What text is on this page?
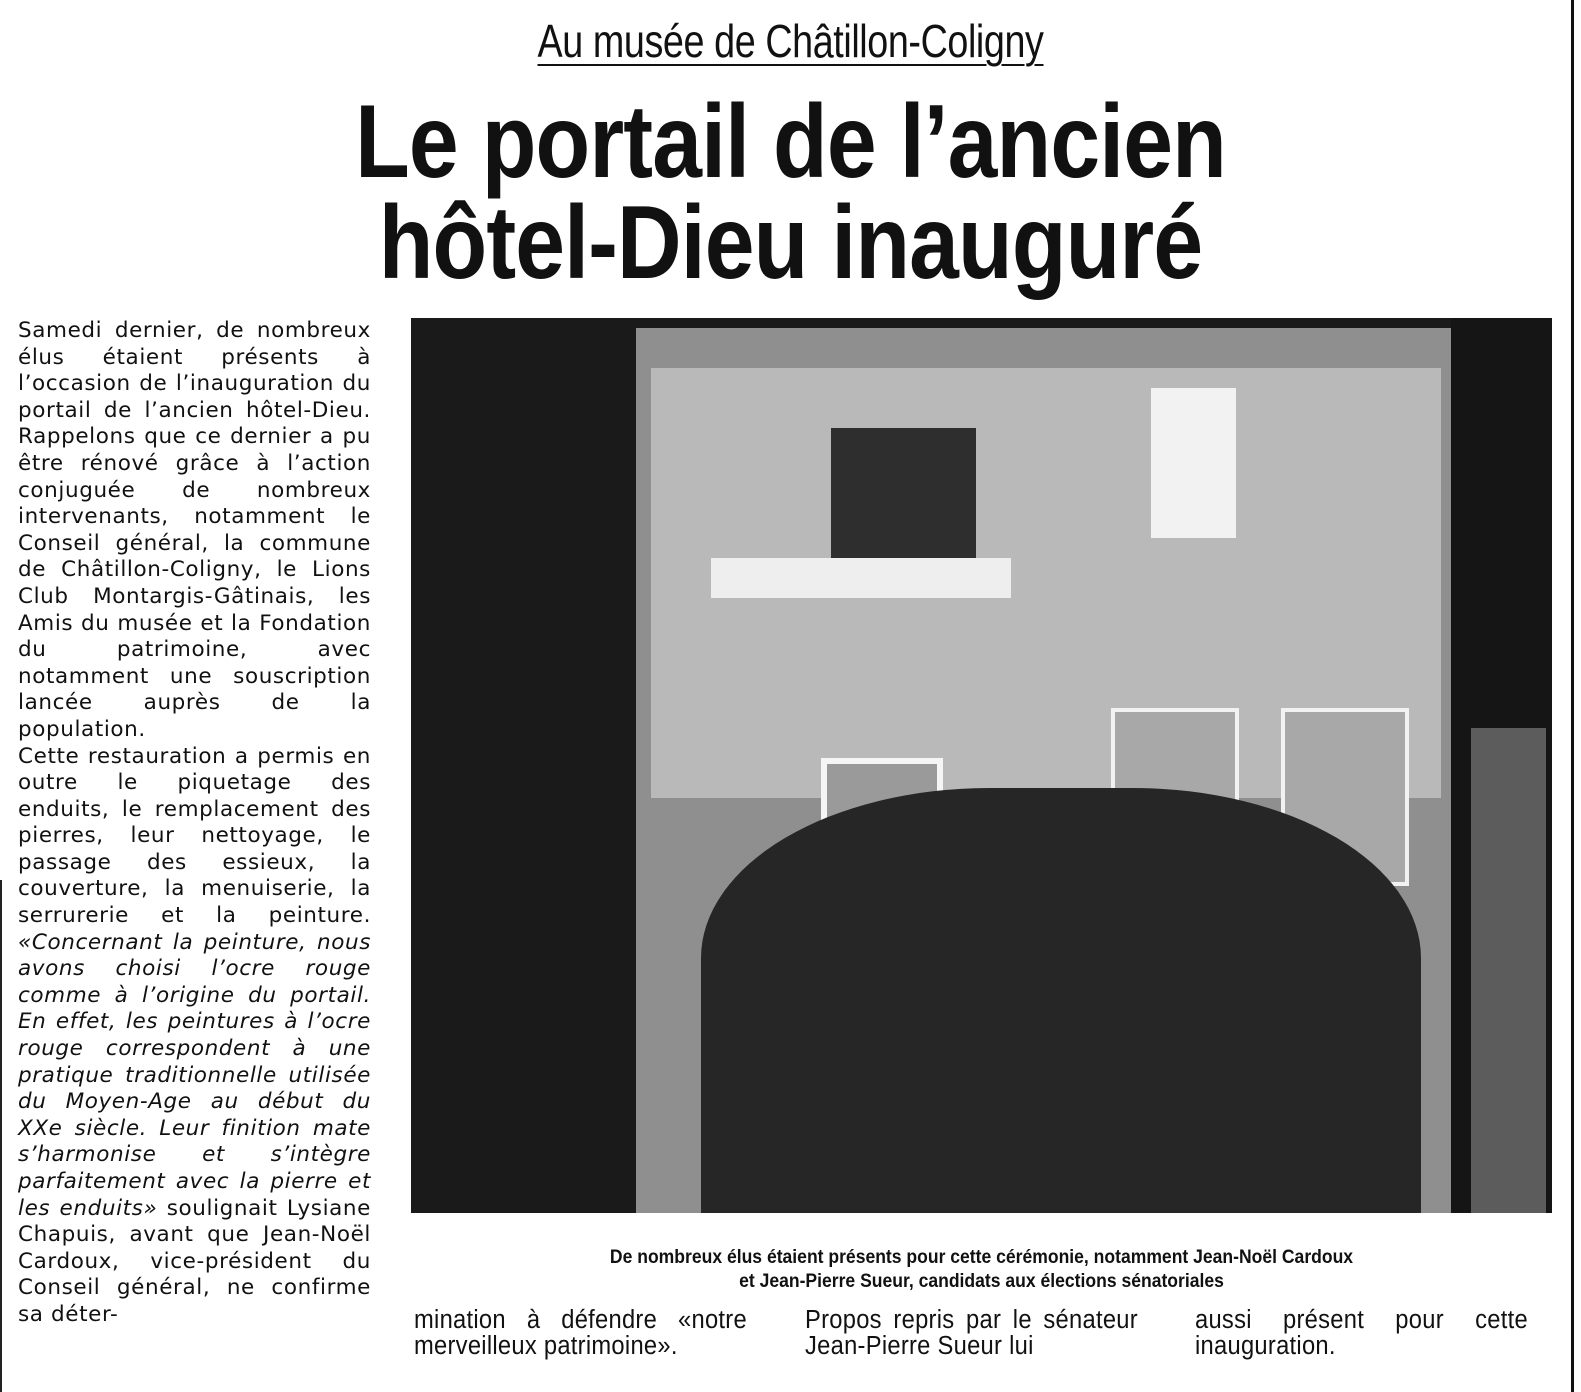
Au musée de Châtillon-Coligny
Le portail de l’ancien
hôtel-Dieu inauguré

Samedi dernier, de nombreux élus étaient présents à l’occasion de l’inauguration du portail de l’ancien hôtel-Dieu. Rappelons que ce dernier a pu être rénové grâce à l’action conjuguée de nombreux intervenants, notamment le Conseil général, la commune de Châtillon-Coligny, le Lions Club Montargis-Gâtinais, les Amis du musée et la Fondation du patrimoine, avec notamment une souscription lancée auprès de la population.

Cette restauration a permis en outre le piquetage des enduits, le remplacement des pierres, leur nettoyage, le passage des essieux, la couverture, la menuiserie, la serrurerie et la peinture. «Concernant la peinture, nous avons choisi l’ocre rouge comme à l’origine du portail. En effet, les peintures à l’ocre rouge correspondent à une pratique traditionnelle utilisée du Moyen-Age au début du XXe siècle. Leur finition mate s’harmonise et s’intègre parfaitement avec la pierre et les enduits» soulignait Lysiane Chapuis, avant que Jean-Noël Cardoux, vice-président du Conseil général, ne confirme sa déter-

De nombreux élus étaient présents pour cette cérémonie, notamment Jean-Noël Cardoux
et Jean-Pierre Sueur, candidats aux élections sénatoriales

mination à défendre «notre merveilleux patrimoine».

Propos repris par le sénateur Jean-Pierre Sueur lui

aussi présent pour cette inauguration.
